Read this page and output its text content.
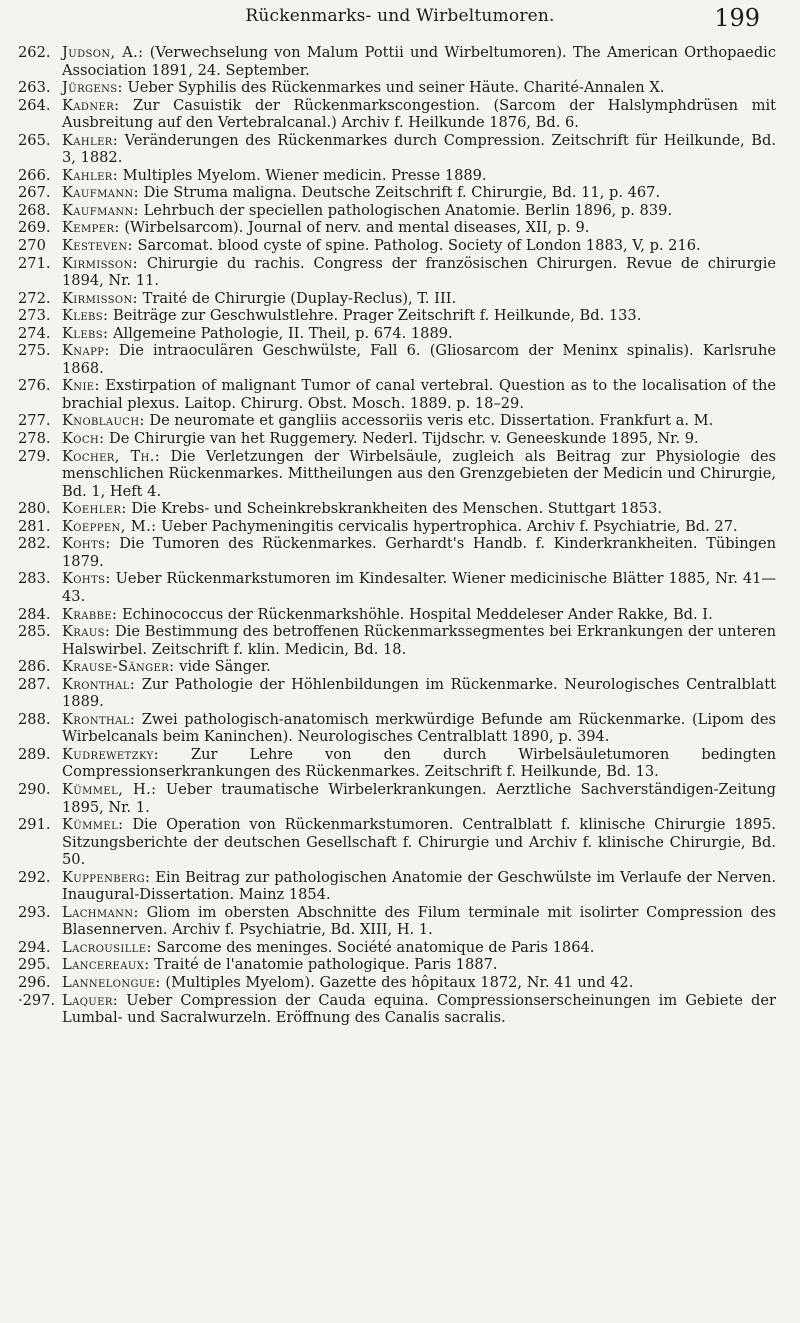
Rückenmarks- und Wirbeltumoren.	199
262. Judson, A.: (Verwechselung von Malum Pottii und Wirbeltumoren). The American Orthopaedic Association 1891, 24. September.
263. Jürgens: Ueber Syphilis des Rückenmarkes und seiner Häute. Charité-Annalen X.
264. Kadner: Zur Casuistik der Rückenmarkscongestion. (Sarcom der Halslymphdrüsen mit Ausbreitung auf den Vertebralcanal.) Archiv f. Heilkunde 1876, Bd. 6.
265. Kahler: Veränderungen des Rückenmarkes durch Compression. Zeitschrift für Heilkunde, Bd. 3, 1882.
266. Kahler: Multiples Myelom. Wiener medicin. Presse 1889.
267. Kaufmann: Die Struma maligna. Deutsche Zeitschrift f. Chirurgie, Bd. 11, p. 467.
268. Kaufmann: Lehrbuch der speciellen pathologischen Anatomie. Berlin 1896, p. 839.
269. Kemper: (Wirbelsarcom). Journal of nerv. and mental diseases, XII, p. 9.
270	Kesteven: Sarcomat. blood cyste of spine. Patholog. Society of London 1883, V, p. 216.
271. Kirmisson: Chirurgie du rachis. Congress der französischen Chirurgen. Revue de chirurgie 1894, Nr. 11.
272. Kirmisson: Traité de Chirurgie (Duplay-Reclus), T. III.
273. Klebs: Beiträge zur Geschwulstlehre. Prager Zeitschrift f. Heilkunde, Bd. 133.
274. Klebs: Allgemeine Pathologie, II. Theil, p. 674. 1889.
275. Knapp: Die intraoculären Geschwülste, Fall 6. (Gliosarcom der Meninx spinalis). Karlsruhe 1868.
276. Knie: Exstirpation of malignant Tumor of canal vertebral. Question as to the localisation of the brachial plexus. Laitop. Chirurg. Obst. Mosch. 1889. p. 18–29.
277. Knoblauch: De neuromate et gangliis accessoriis veris etc. Dissertation. Frankfurt a. M.
278. Koch: De Chirurgie van het Ruggemery. Nederl. Tijdschr. v. Geneeskunde 1895, Nr. 9.
279. Kocher, Th.: Die Verletzungen der Wirbelsäule, zugleich als Beitrag zur Physiologie des menschlichen Rückenmarkes. Mittheilungen aus den Grenzgebieten der Medicin und Chirurgie, Bd. 1, Heft 4.
280. Koehler: Die Krebs- und Scheinkrebskrankheiten des Menschen. Stuttgart 1853.
281. Koeppen, M.: Ueber Pachymeningitis cervicalis hypertrophica. Archiv f. Psychiatrie, Bd. 27.
282. Kohts: Die Tumoren des Rückenmarkes. Gerhardt's Handb. f. Kinderkrankheiten. Tübingen 1879.
283. Kohts: Ueber Rückenmarkstumoren im Kindesalter. Wiener medicinische Blätter 1885, Nr. 41—43.
284. Krabbe: Echinococcus der Rückenmarkshöhle. Hospital Meddeleser Ander Rakke, Bd. I.
285. Kraus: Die Bestimmung des betroffenen Rückenmarkssegmentes bei Erkrankungen der unteren Halswirbel. Zeitschrift f. klin. Medicin, Bd. 18.
286. Krause-Sänger: vide Sänger.
287. Kronthal: Zur Pathologie der Höhlenbildungen im Rückenmarke. Neurologisches Centralblatt 1889.
288. Kronthal: Zwei pathologisch-anatomisch merkwürdige Befunde am Rückenmarke. (Lipom des Wirbelcanals beim Kaninchen). Neurologisches Centralblatt 1890, p. 394.
289. Kudrewetzky: Zur Lehre von den durch Wirbelsäuletumoren bedingten Compressionserkrankungen des Rückenmarkes. Zeitschrift f. Heilkunde, Bd. 13.
290. Kümmel, H.: Ueber traumatische Wirbelerkrankungen. Aerztliche Sachverständigen-Zeitung 1895, Nr. 1.
291. Kümmel: Die Operation von Rückenmarkstumoren. Centralblatt f. klinische Chirurgie 1895. Sitzungsberichte der deutschen Gesellschaft f. Chirurgie und Archiv f. klinische Chirurgie, Bd. 50.
292. Kuppenberg: Ein Beitrag zur pathologischen Anatomie der Geschwülste im Verlaufe der Nerven. Inaugural-Dissertation. Mainz 1854.
293. Lachmann: Gliom im obersten Abschnitte des Filum terminale mit isolirter Compression des Blasennerven. Archiv f. Psychiatrie, Bd. XIII, H. 1.
294. Lacrousille: Sarcome des meninges. Société anatomique de Paris 1864.
295. Lancereaux: Traité de l'anatomie pathologique. Paris 1887.
296. Lannelongue: (Multiples Myelom). Gazette des hôpitaux 1872, Nr. 41 und 42.
·297. Laquer: Ueber Compression der Cauda equina. Compressionserscheinungen im Gebiete der Lumbal- und Sacralwurzeln. Eröffnung des Canalis sacralis.
